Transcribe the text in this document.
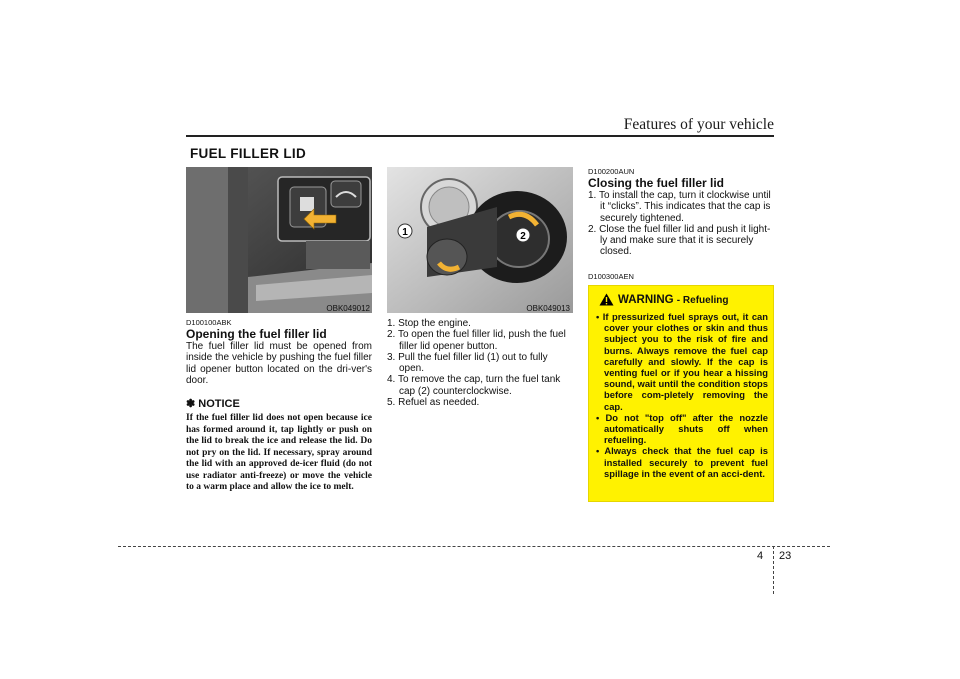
Features of your vehicle
FUEL FILLER LID
OBK049012
1	2
OBK049013
D100100ABK
Opening the fuel filler lid
The fuel filler lid must be opened from inside the vehicle by pushing the fuel filler lid opener button located on the dri-ver's door.
✽ NOTICE
If the fuel filler lid does not open because ice has formed around it, tap lightly or push on the lid to break the ice and release the lid. Do not pry on the lid. If necessary, spray around the lid with an approved de-icer fluid (do not use radiator anti-freeze) or move the vehicle to a warm place and allow the ice to melt.
1. Stop the engine.
2. To open the fuel filler lid, push the fuel filler lid opener button.
3. Pull the fuel filler lid (1) out to fully open.
4. To remove the cap, turn the fuel tank cap (2) counterclockwise.
5. Refuel as needed.
D100200AUN
Closing the fuel filler lid
1. To install the cap, turn it clockwise until it “clicks”. This indicates that the cap is securely tightened.
2. Close the fuel filler lid and push it light-ly and make sure that it is securely closed.
D100300AEN
WARNING - Refueling
• If pressurized fuel sprays out, it can cover your clothes or skin and thus subject you to the risk of fire and burns. Always remove the fuel cap carefully and slowly. If the cap is venting fuel or if you hear a hissing sound, wait until the condition stops before com-pletely removing the cap.
• Do not "top off" after the nozzle automatically shuts off when refueling.
• Always check that the fuel cap is installed securely to prevent fuel spillage in the event of an acci-dent.
4 23
